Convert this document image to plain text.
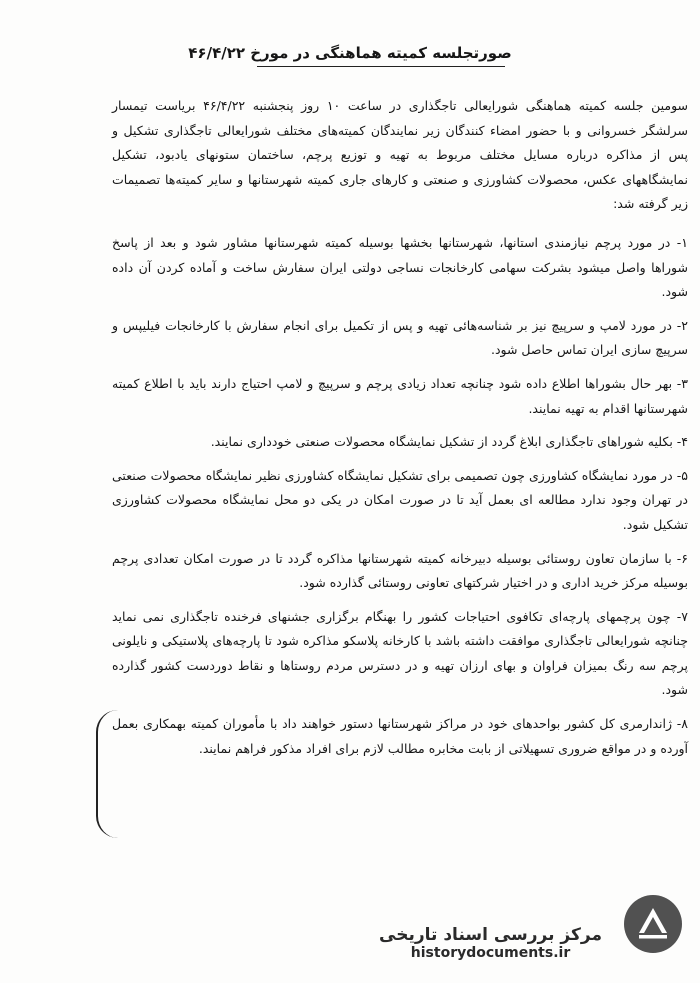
صورتجلسه کمیته هماهنگی در مورخ ۴۶/۴/۲۲

سومین جلسه کمیته هماهنگی شورایعالی تاجگذاری در ساعت ۱۰ روز پنجشنبه ۴۶/۴/۲۲ بریاست تیمسار سرلشگر خسروانی و با حضور امضاء کنندگان زیر نمایندگان کمیته‌های مختلف شورایعالی تاجگذاری تشکیل و پس از مذاکره درباره مسایل مختلف مربوط به تهیه و توزیع پرچم، ساختمان ستونهای یادبود، تشکیل نمایشگاههای عکس، محصولات کشاورزی و صنعتی و کارهای جاری کمیته شهرستانها و سایر کمیته‌ها تصمیمات زیر گرفته شد:

۱- در مورد پرچم نیازمندی استانها، شهرستانها بخشها بوسیله کمیته شهرستانها مشاور شود و بعد از پاسخ شوراها واصل میشود بشرکت سهامی کارخانجات نساجی دولتی ایران سفارش ساخت و آماده کردن آن داده شود.

۲- در مورد لامپ و سرپیچ نیز بر شناسه‌هائی تهیه و پس از تکمیل برای انجام سفارش با کارخانجات فیلیپس و سرپیچ سازی ایران تماس حاصل شود.

۳- بهر حال بشوراها اطلاع داده شود چنانچه تعداد زیادی پرچم و سرپیچ و لامپ احتیاج دارند باید با اطلاع کمیته شهرستانها اقدام به تهیه نمایند.

۴- بکلیه شوراهای تاجگذاری ابلاغ گردد از تشکیل نمایشگاه محصولات صنعتی خودداری نمایند.

۵- در مورد نمایشگاه کشاورزی چون تصمیمی برای تشکیل نمایشگاه کشاورزی نظیر نمایشگاه محصولات صنعتی در تهران وجود ندارد مطالعه ای بعمل آید تا در صورت امکان در یکی دو محل نمایشگاه محصولات کشاورزی تشکیل شود.

۶- با سازمان تعاون روستائی بوسیله دبیرخانه کمیته شهرستانها مذاکره گردد تا در صورت امکان تعدادی پرچم بوسیله مرکز خرید اداری و در اختیار شرکتهای تعاونی روستائی گذارده شود.

۷- چون پرچمهای پارچه‌ای تکافوی احتیاجات کشور را بهنگام برگزاری جشنهای فرخنده تاجگذاری نمی نماید چنانچه شورایعالی تاجگذاری موافقت داشته باشد با کارخانه پلاسکو مذاکره شود تا پارچه‌های پلاستیکی و نایلونی پرچم سه رنگ بمیزان فراوان و بهای ارزان تهیه و در دسترس مردم روستاها و نقاط دوردست کشور گذارده شود.

۸- ژاندارمری کل کشور بواحدهای خود در مراکز شهرستانها دستور خواهند داد با مأموران کمیته بهمکاری بعمل آورده و در مواقع ضروری تسهیلاتی از بابت مخابره مطالب لازم برای افراد مذکور فراهم نمایند.

مرکز بررسی اسناد تاریخی
historydocuments.ir
